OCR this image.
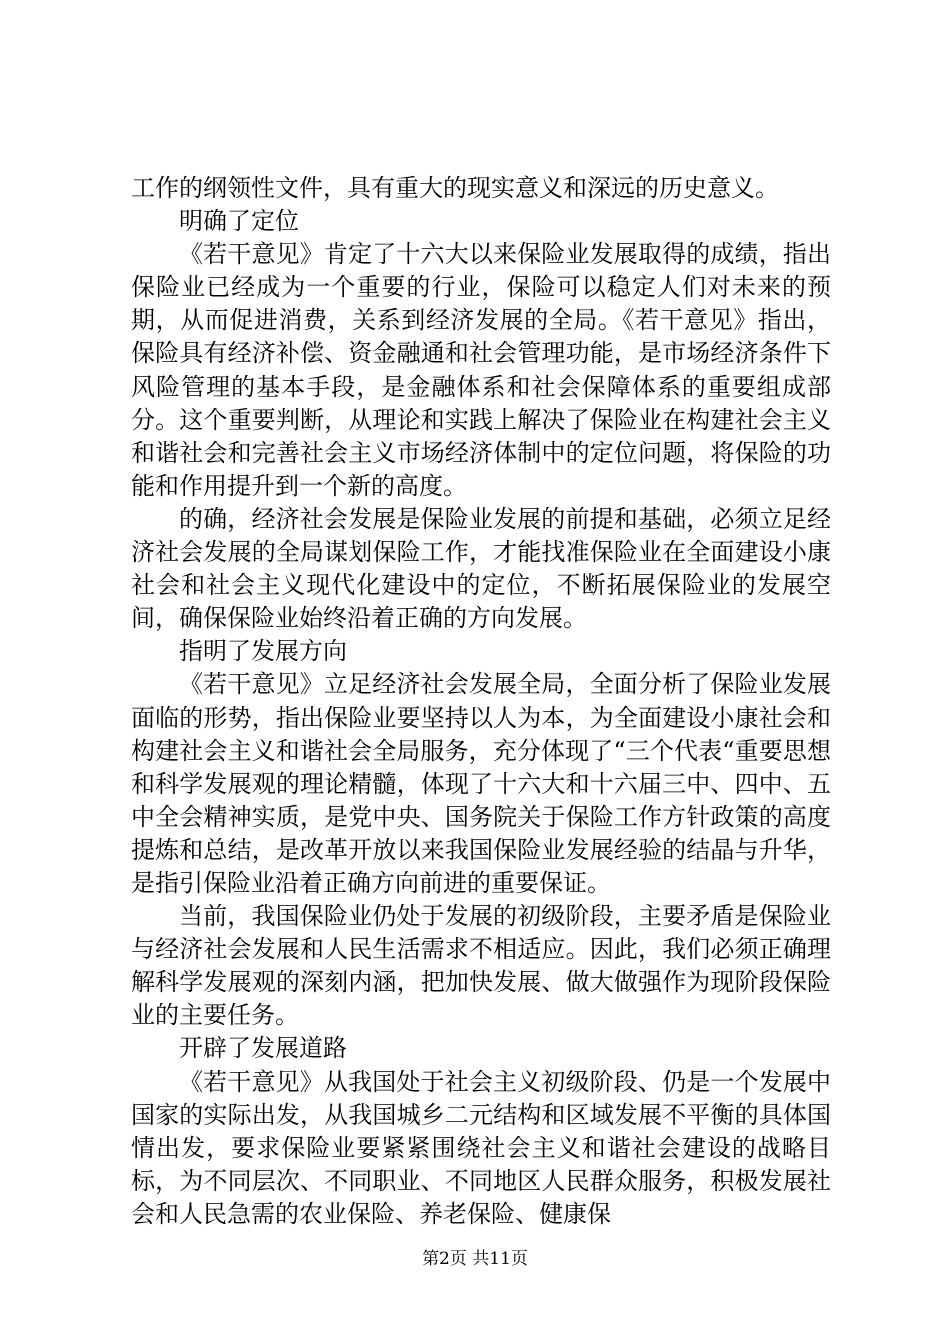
工作的纲领性文件，具有重大的现实意义和深远的历史意义。

明确了定位

《若干意见》肯定了十六大以来保险业发展取得的成绩，指出保险业已经成为一个重要的行业，保险可以稳定人们对未来的预期，从而促进消费，关系到经济发展的全局。《若干意见》指出，保险具有经济补偿、资金融通和社会管理功能，是市场经济条件下风险管理的基本手段，是金融体系和社会保障体系的重要组成部分。这个重要判断，从理论和实践上解决了保险业在构建社会主义和谐社会和完善社会主义市场经济体制中的定位问题，将保险的功能和作用提升到一个新的高度。

的确，经济社会发展是保险业发展的前提和基础，必须立足经济社会发展的全局谋划保险工作，才能找准保险业在全面建设小康社会和社会主义现代化建设中的定位，不断拓展保险业的发展空间，确保保险业始终沿着正确的方向发展。

指明了发展方向

《若干意见》立足经济社会发展全局，全面分析了保险业发展面临的形势，指出保险业要坚持以人为本，为全面建设小康社会和构建社会主义和谐社会全局服务，充分体现了“三个代表“重要思想和科学发展观的理论精髓，体现了十六大和十六届三中、四中、五中全会精神实质，是党中央、国务院关于保险工作方针政策的高度提炼和总结，是改革开放以来我国保险业发展经验的结晶与升华，是指引保险业沿着正确方向前进的重要保证。

当前，我国保险业仍处于发展的初级阶段，主要矛盾是保险业与经济社会发展和人民生活需求不相适应。因此，我们必须正确理解科学发展观的深刻内涵，把加快发展、做大做强作为现阶段保险业的主要任务。

开辟了发展道路

《若干意见》从我国处于社会主义初级阶段、仍是一个发展中国家的实际出发，从我国城乡二元结构和区域发展不平衡的具体国情出发，要求保险业要紧紧围绕社会主义和谐社会建设的战略目标，为不同层次、不同职业、不同地区人民群众服务，积极发展社会和人民急需的农业保险、养老保险、健康保

第2页 共11页
